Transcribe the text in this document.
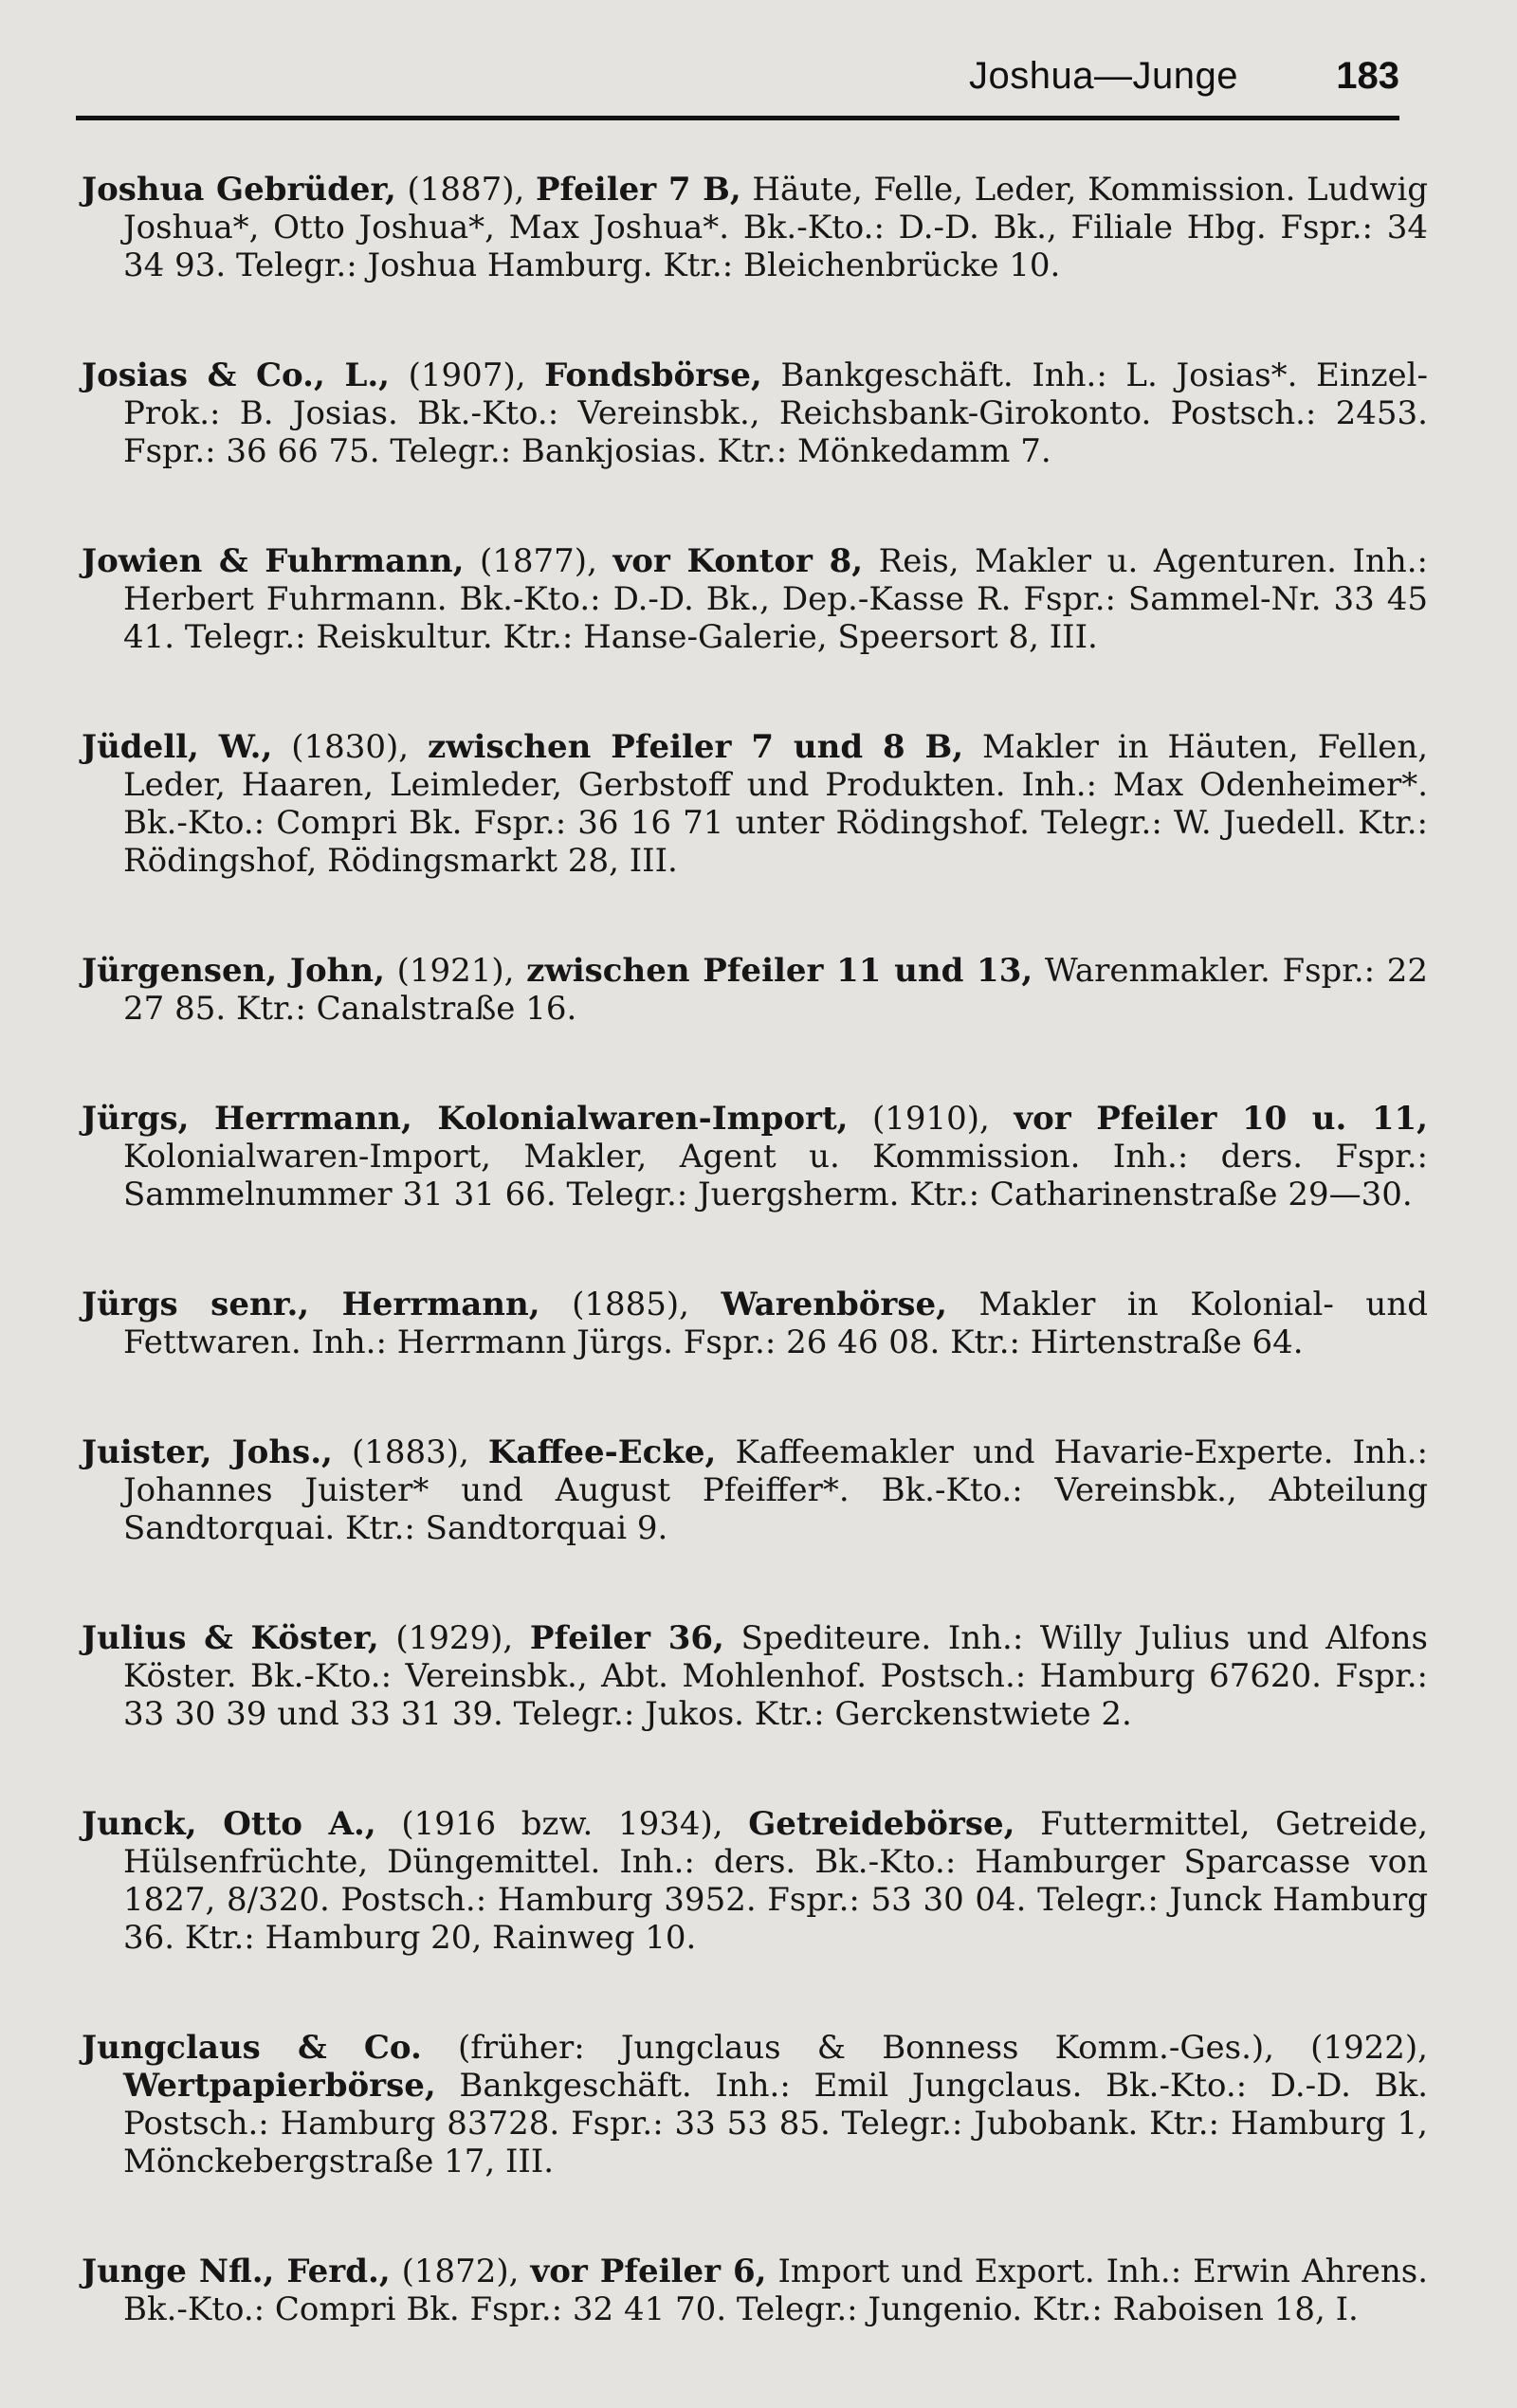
Joshua—Junge	183

Joshua Gebrüder, (1887), Pfeiler 7 B, Häute, Felle, Leder, Kommission. Ludwig Joshua*, Otto Joshua*, Max Joshua*. Bk.-Kto.: D.-D. Bk., Filiale Hbg. Fspr.: 34 34 93. Telegr.: Joshua Hamburg. Ktr.: Bleichenbrücke 10.

Josias & Co., L., (1907), Fondsbörse, Bankgeschäft. Inh.: L. Josias*. Einzel-Prok.: B. Josias. Bk.-Kto.: Vereinsbk., Reichsbank-Girokonto. Postsch.: 2453. Fspr.: 36 66 75. Telegr.: Bankjosias. Ktr.: Mönkedamm 7.

Jowien & Fuhrmann, (1877), vor Kontor 8, Reis, Makler u. Agenturen. Inh.: Herbert Fuhrmann. Bk.-Kto.: D.-D. Bk., Dep.-Kasse R. Fspr.: Sammel-Nr. 33 45 41. Telegr.: Reiskultur. Ktr.: Hanse-Galerie, Speersort 8, III.

Jüdell, W., (1830), zwischen Pfeiler 7 und 8 B, Makler in Häuten, Fellen, Leder, Haaren, Leimleder, Gerbstoff und Produkten. Inh.: Max Odenheimer*. Bk.-Kto.: Compri Bk. Fspr.: 36 16 71 unter Rödingshof. Telegr.: W. Juedell. Ktr.: Rödingshof, Rödingsmarkt 28, III.

Jürgensen, John, (1921), zwischen Pfeiler 11 und 13, Warenmakler. Fspr.: 22 27 85. Ktr.: Canalstraße 16.

Jürgs, Herrmann, Kolonialwaren-Import, (1910), vor Pfeiler 10 u. 11, Kolonialwaren-Import, Makler, Agent u. Kommission. Inh.: ders. Fspr.: Sammelnummer 31 31 66. Telegr.: Juergsherm. Ktr.: Catharinenstraße 29—30.

Jürgs senr., Herrmann, (1885), Warenbörse, Makler in Kolonial- und Fettwaren. Inh.: Herrmann Jürgs. Fspr.: 26 46 08. Ktr.: Hirtenstraße 64.

Juister, Johs., (1883), Kaffee-Ecke, Kaffeemakler und Havarie-Experte. Inh.: Johannes Juister* und August Pfeiffer*. Bk.-Kto.: Vereinsbk., Abteilung Sandtorquai. Ktr.: Sandtorquai 9.

Julius & Köster, (1929), Pfeiler 36, Spediteure. Inh.: Willy Julius und Alfons Köster. Bk.-Kto.: Vereinsbk., Abt. Mohlenhof. Postsch.: Hamburg 67620. Fspr.: 33 30 39 und 33 31 39. Telegr.: Jukos. Ktr.: Gerckenstwiete 2.

Junck, Otto A., (1916 bzw. 1934), Getreidebörse, Futtermittel, Getreide, Hülsenfrüchte, Düngemittel. Inh.: ders. Bk.-Kto.: Hamburger Sparcasse von 1827, 8/320. Postsch.: Hamburg 3952. Fspr.: 53 30 04. Telegr.: Junck Hamburg 36. Ktr.: Hamburg 20, Rainweg 10.

Jungclaus & Co. (früher: Jungclaus & Bonness Komm.-Ges.), (1922), Wertpapierbörse, Bankgeschäft. Inh.: Emil Jungclaus. Bk.-Kto.: D.-D. Bk. Postsch.: Hamburg 83728. Fspr.: 33 53 85. Telegr.: Jubobank. Ktr.: Hamburg 1, Mönckebergstraße 17, III.

Junge Nfl., Ferd., (1872), vor Pfeiler 6, Import und Export. Inh.: Erwin Ahrens. Bk.-Kto.: Compri Bk. Fspr.: 32 41 70. Telegr.: Jungenio. Ktr.: Raboisen 18, I.
